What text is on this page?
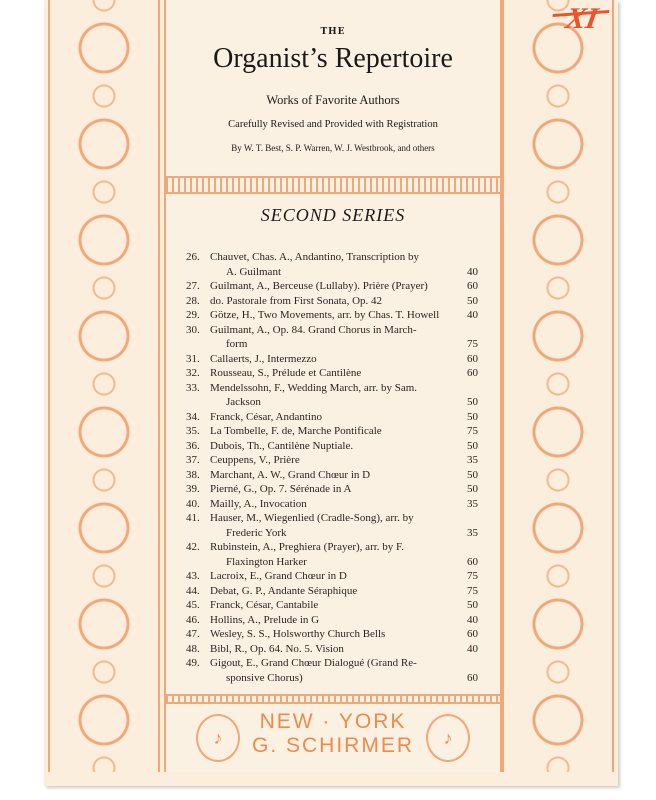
XI
THE
Organist’s Repertoire
Works of Favorite Authors
Carefully Revised and Provided with Registration
By W. T. Best, S. P. Warren, W. J. Westbrook, and others
SECOND SERIES
26. Chauvet, Chas. A., Andantino, Transcription by
A. Guilmant	40
27. Guilmant, A., Berceuse (Lullaby). Prière (Prayer)	60
28. do. Pastorale from First Sonata, Op. 42	50
29. Götze, H., Two Movements, arr. by Chas. T. Howell	40
30. Guilmant, A., Op. 84. Grand Chorus in March-
form	75
31. Callaerts, J., Intermezzo	60
32. Rousseau, S., Prélude et Cantilène	60
33. Mendelssohn, F., Wedding March, arr. by Sam.
Jackson	50
34. Franck, César, Andantino	50
35. La Tombelle, F. de, Marche Pontificale	75
36. Dubois, Th., Cantilène Nuptiale.	50
37. Ceuppens, V., Prière	35
38. Marchant, A. W., Grand Chœur in D	50
39. Pierné, G., Op. 7. Sérénade in A	50
40. Mailly, A., Invocation	35
41. Hauser, M., Wiegenlied (Cradle-Song), arr. by
Frederic York	35
42. Rubinstein, A., Preghiera (Prayer), arr. by F.
Flaxington Harker	60
43. Lacroix, E., Grand Chœur in D	75
44. Debat, G. P., Andante Séraphique	75
45. Franck, César, Cantabile	50
46. Hollins, A., Prelude in G	40
47. Wesley, S. S., Holsworthy Church Bells	60
48. Bibl, R., Op. 64. No. 5. Vision	40
49. Gigout, E., Grand Chœur Dialogué (Grand Re-
sponsive Chorus)	60
♪
NEW · YORK
G. SCHIRMER	♪
